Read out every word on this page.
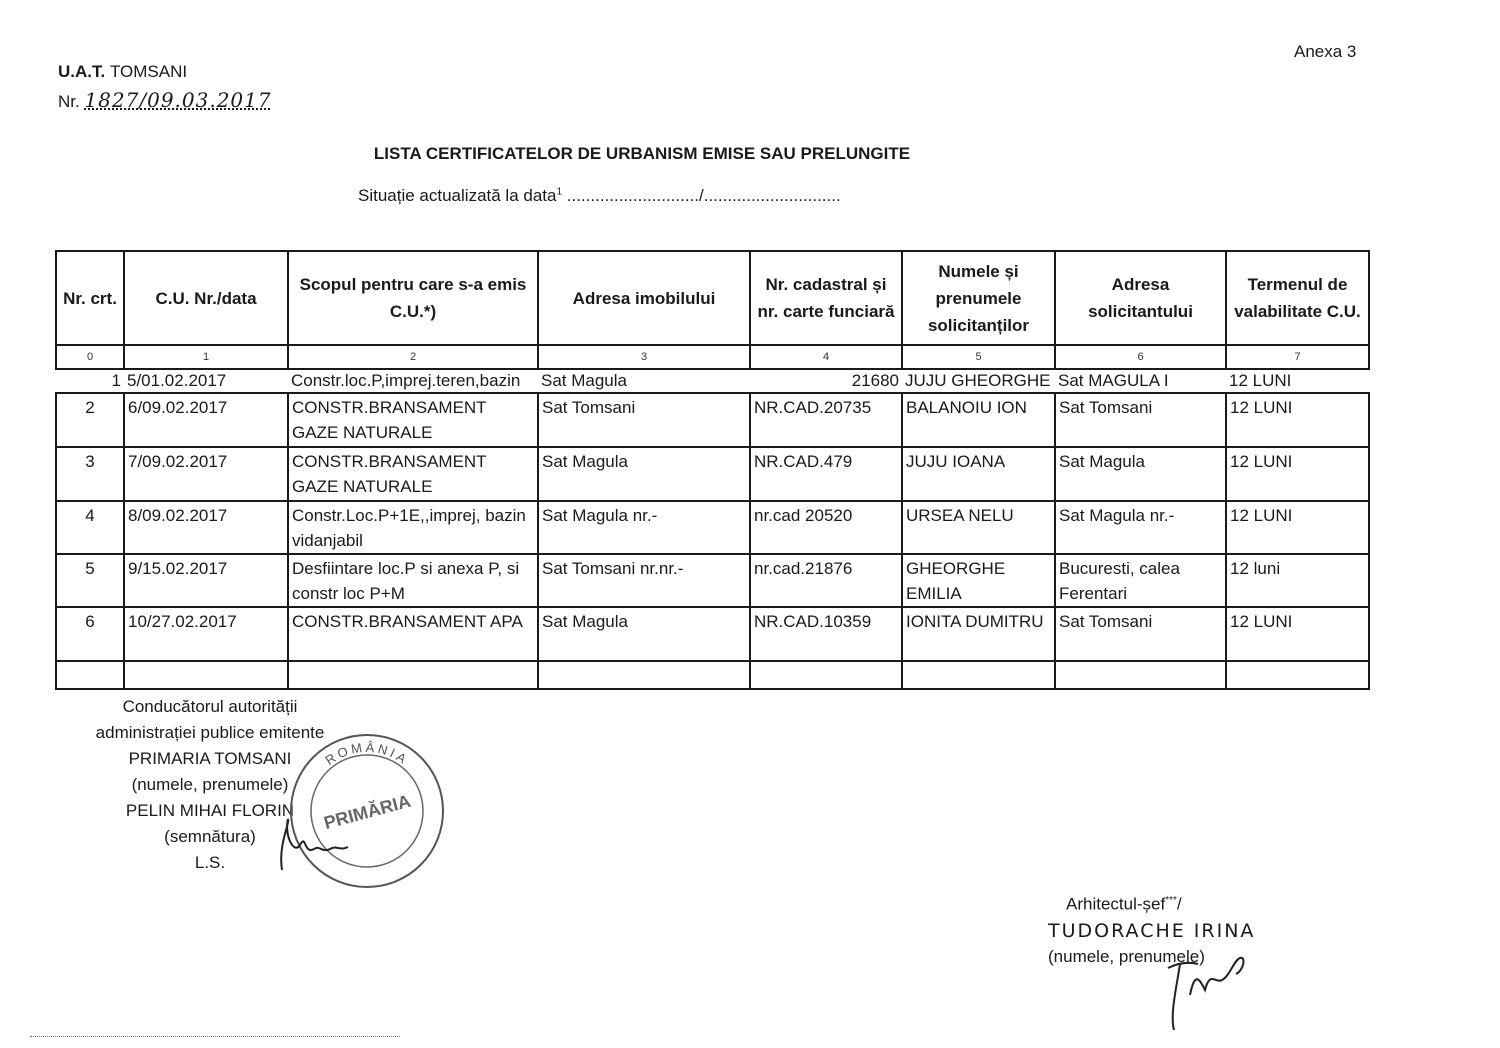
Anexa 3
U.A.T. TOMSANI
Nr. 1827/09.03.2017
LISTA CERTIFICATELOR DE URBANISM EMISE SAU PRELUNGITE
Situație actualizată la data$^1$ ............................/.............................
Nr. crt.	C.U. Nr./data	Scopul pentru care s-a emis C.U.*)	Adresa imobilului	Nr. cadastral și nr. carte funciară	Numele și prenumele solicitanților	Adresa solicitantului	Termenul de valabilitate C.U.
0	1	2	3	4	5	6	7
1	5/01.02.2017	Constr.loc.P,imprej.teren,bazin	Sat Magula	21680	JUJU GHEORGHE	Sat MAGULA I	12 LUNI
2	6/09.02.2017	CONSTR.BRANSAMENT GAZE NATURALE	Sat Tomsani	NR.CAD.20735	BALANOIU ION	Sat Tomsani	12 LUNI
3	7/09.02.2017	CONSTR.BRANSAMENT GAZE NATURALE	Sat Magula	NR.CAD.479	JUJU IOANA	Sat Magula	12 LUNI
4	8/09.02.2017	Constr.Loc.P+1E,,imprej, bazin vidanjabil	Sat Magula nr.-	nr.cad 20520	URSEA NELU	Sat Magula nr.-	12 LUNI
5	9/15.02.2017	Desfiintare loc.P si anexa P, si constr loc P+M	Sat Tomsani nr.nr.-	nr.cad.21876	GHEORGHE EMILIA	Bucuresti, calea Ferentari	12 luni
6	10/27.02.2017	CONSTR.BRANSAMENT APA	Sat Magula	NR.CAD.10359	IONITA DUMITRU	Sat Tomsani	12 LUNI

Conducătorul autorității
administrației publice emitente
PRIMARIA TOMSANI
(numele, prenumele)
PELIN MIHAI FLORIN
(semnătura)
L.S.
ROMÂNIA
PRIMĂRIA
Arhitectul-șef***/
TUDORACHE IRINA
(numele, prenumele)
